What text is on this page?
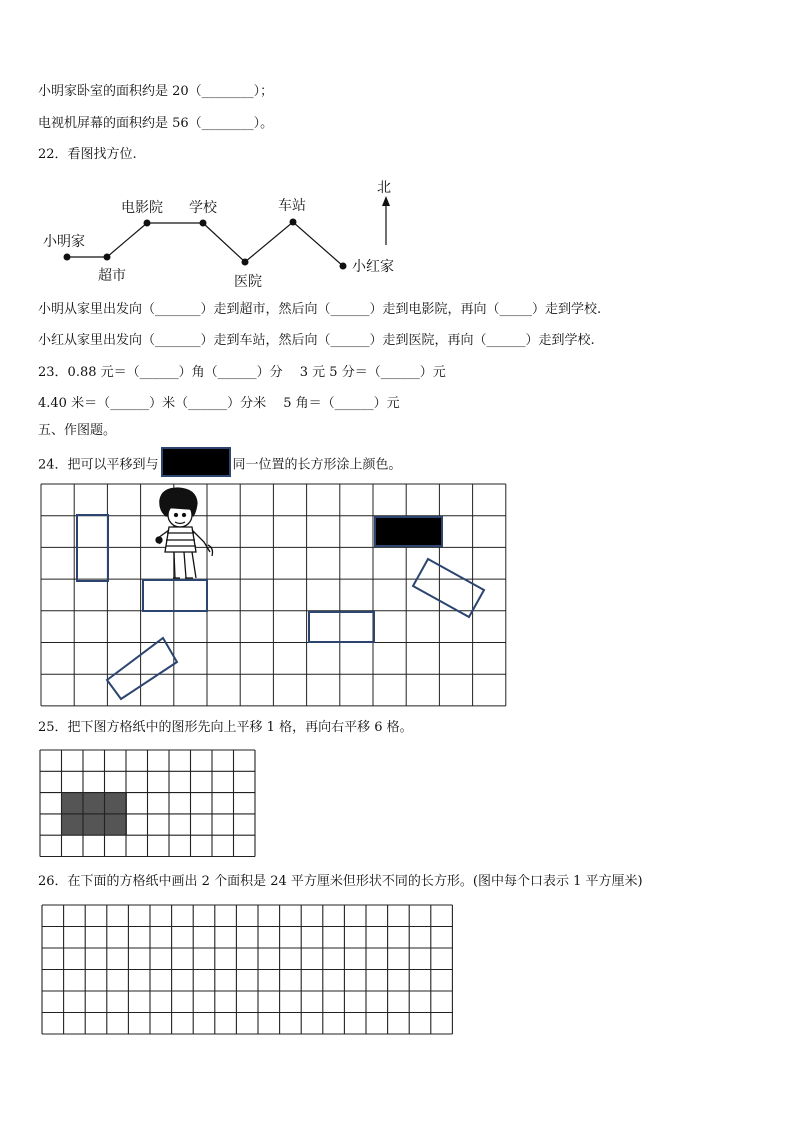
小明家卧室的面积约是 20（________）；
电视机屏幕的面积约是 56（________）。
22．看图找方位.
北
小明家
超市
电影院 学校
医院
车站
小红家
小明从家里出发向（_______）走到超市，然后向（______）走到电影院，再向（_____）走到学校.
小红从家里出发向（_______）走到车站，然后向（______）走到医院，再向（______）走到学校.
23．0.88 元＝（______）角（______）分　 3 元 5 分＝（______）元
4.40 米＝（______）米（______）分米　 5 角＝（______）元
五、作图题。
24．把可以平移到与	同一位置的长方形涂上颜色。
25．把下图方格纸中的图形先向上平移 1 格，再向右平移 6 格。
26．在下面的方格纸中画出 2 个面积是 24 平方厘米但形状不同的长方形。(图中每个口表示 1 平方厘米)
